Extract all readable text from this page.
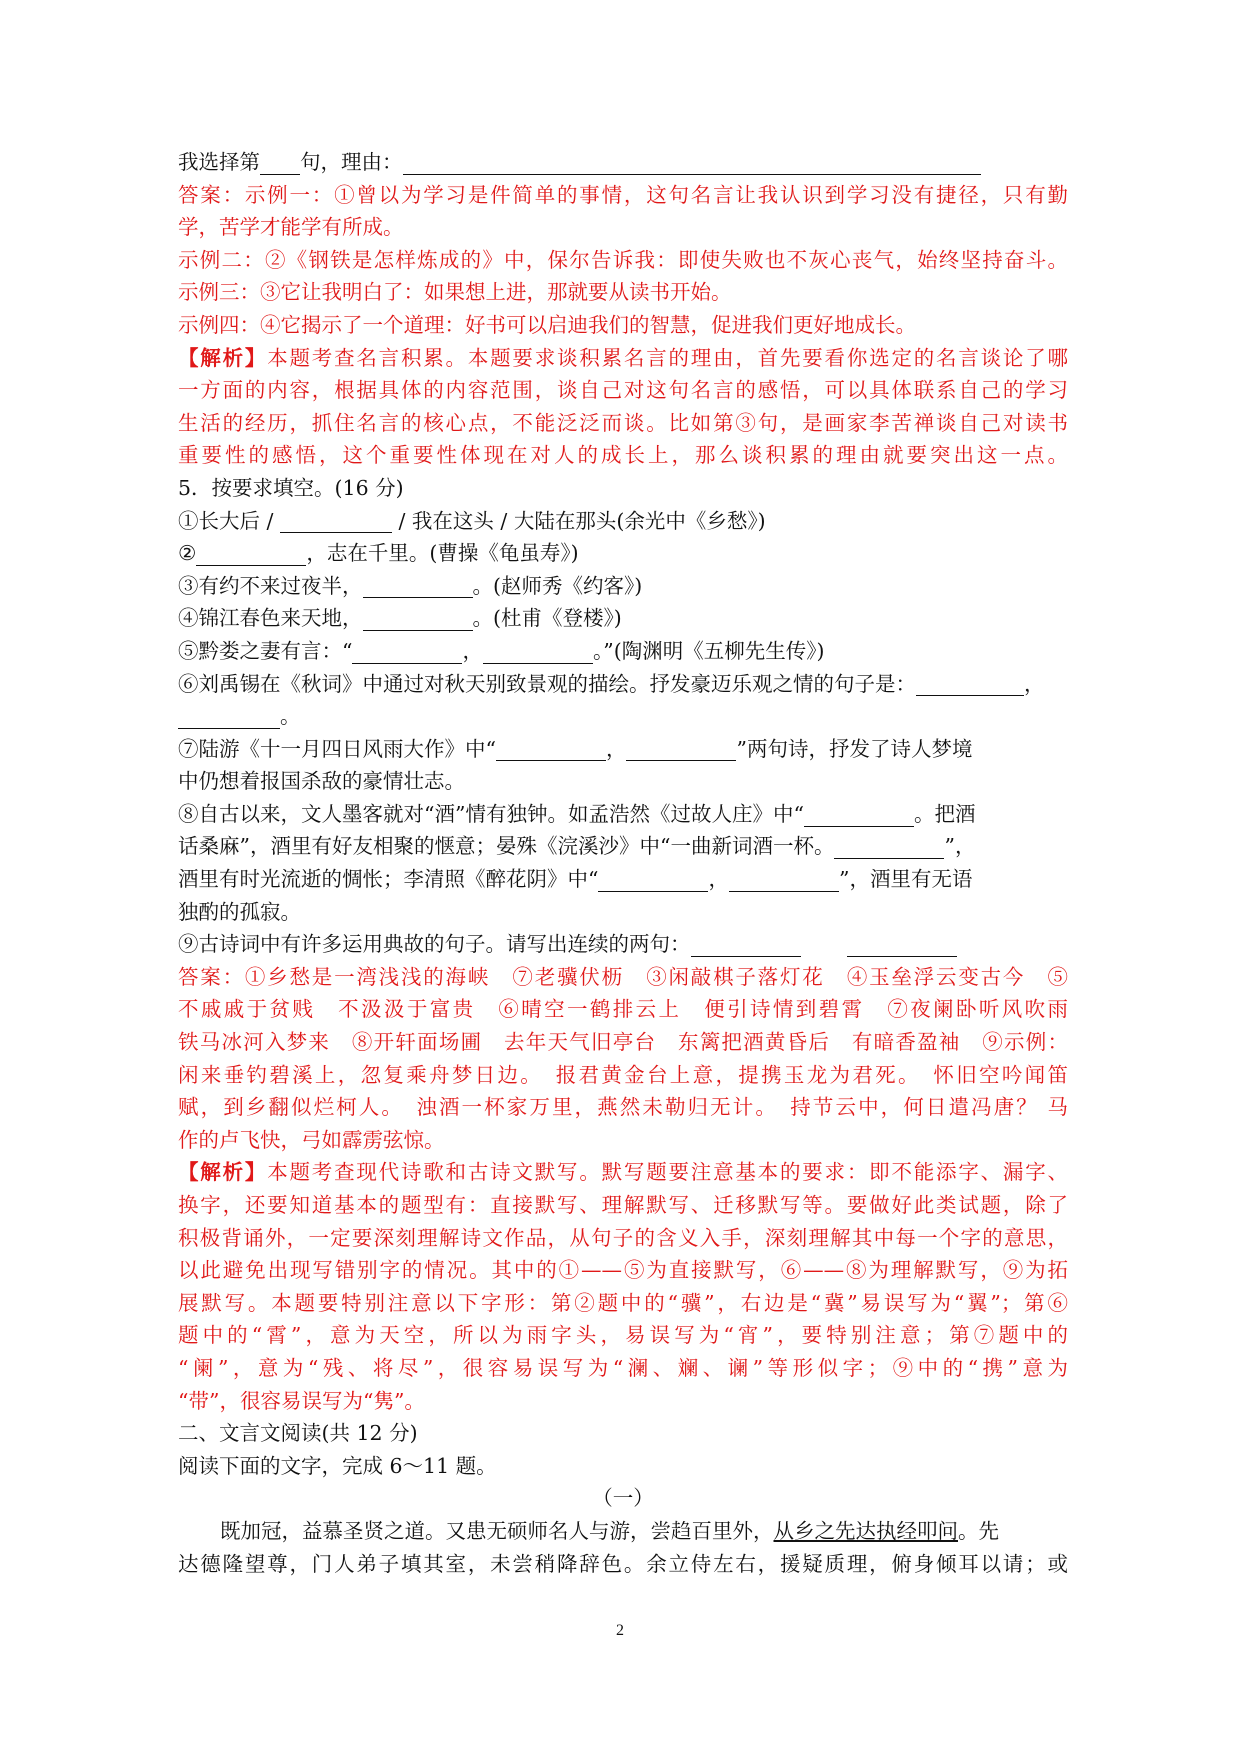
我选择第 句，理由：
答案：示例一：①曾以为学习是件简单的事情，这句名言让我认识到学习没有捷径，只有勤
学，苦学才能学有所成。
示例二：②《钢铁是怎样炼成的》中，保尔告诉我：即使失败也不灰心丧气，始终坚持奋斗。
示例三：③它让我明白了：如果想上进，那就要从读书开始。
示例四：④它揭示了一个道理：好书可以启迪我们的智慧，促进我们更好地成长。
【解析】本题考查名言积累。本题要求谈积累名言的理由，首先要看你选定的名言谈论了哪
一方面的内容，根据具体的内容范围，谈自己对这句名言的感悟，可以具体联系自己的学习
生活的经历，抓住名言的核心点，不能泛泛而谈。比如第③句，是画家李苦禅谈自己对读书
重要性的感悟，这个重要性体现在对人的成长上，那么谈积累的理由就要突出这一点。
5．按要求填空。(16 分)
①长大后 /	/ 我在这头 / 大陆在那头(余光中《乡愁》)
②	，志在千里。(曹操《龟虽寿》)
③有约不来过夜半，	。(赵师秀《约客》)
④锦江春色来天地，	。(杜甫《登楼》)
⑤黔娄之妻有言：“	，	。”(陶渊明《五柳先生传》)
⑥刘禹锡在《秋词》中通过对秋天别致景观的描绘。抒发豪迈乐观之情的句子是：	，
。
⑦陆游《十一月四日风雨大作》中“	，	”两句诗，抒发了诗人梦境
中仍想着报国杀敌的豪情壮志。
⑧自古以来，文人墨客就对“酒”情有独钟。如孟浩然《过故人庄》中“	。把酒
话桑麻”，酒里有好友相聚的惬意；晏殊《浣溪沙》中“一曲新词酒一杯。	”，
酒里有时光流逝的惆怅；李清照《醉花阴》中“	，	”，酒里有无语
独酌的孤寂。
⑨古诗词中有许多运用典故的句子。请写出连续的两句：
答案：①乡愁是一湾浅浅的海峡　⑦老骥伏枥　③闲敲棋子落灯花　④玉垒浮云变古今　⑤
不戚戚于贫贱　不汲汲于富贵　⑥晴空一鹤排云上　便引诗情到碧霄　⑦夜阑卧听风吹雨
铁马冰河入梦来　⑧开轩面场圃　去年天气旧亭台　东篱把酒黄昏后　有暗香盈袖　⑨示例：
闲来垂钓碧溪上，忽复乘舟梦日边。　报君黄金台上意，提携玉龙为君死。　怀旧空吟闻笛
赋，到乡翻似烂柯人。　浊酒一杯家万里，燕然未勒归无计。　持节云中，何日遣冯唐？ 马
作的卢飞快，弓如霹雳弦惊。
【解析】本题考查现代诗歌和古诗文默写。默写题要注意基本的要求：即不能添字、漏字、
换字，还要知道基本的题型有：直接默写、理解默写、迁移默写等。要做好此类试题，除了
积极背诵外，一定要深刻理解诗文作品，从句子的含义入手，深刻理解其中每一个字的意思，
以此避免出现写错别字的情况。其中的①——⑤为直接默写，⑥——⑧为理解默写，⑨为拓
展默写。本题要特别注意以下字形：第②题中的“骥”，右边是“冀”易误写为“翼”；第⑥
题中的“霄”，意为天空，所以为雨字头，易误写为“宵”，要特别注意；第⑦题中的
“阑”，意为“残、将尽”，很容易误写为“澜、斓、谰”等形似字；⑨中的“携”意为
“带”，很容易误写为“隽”。
二、文言文阅读(共 12 分)
阅读下面的文字，完成 6～11 题。
（一）
既加冠，益慕圣贤之道。又患无硕师名人与游，尝趋百里外，从乡之先达执经叩问。先
达德隆望尊，门人弟子填其室，未尝稍降辞色。余立侍左右，援疑质理，俯身倾耳以请；或
2
